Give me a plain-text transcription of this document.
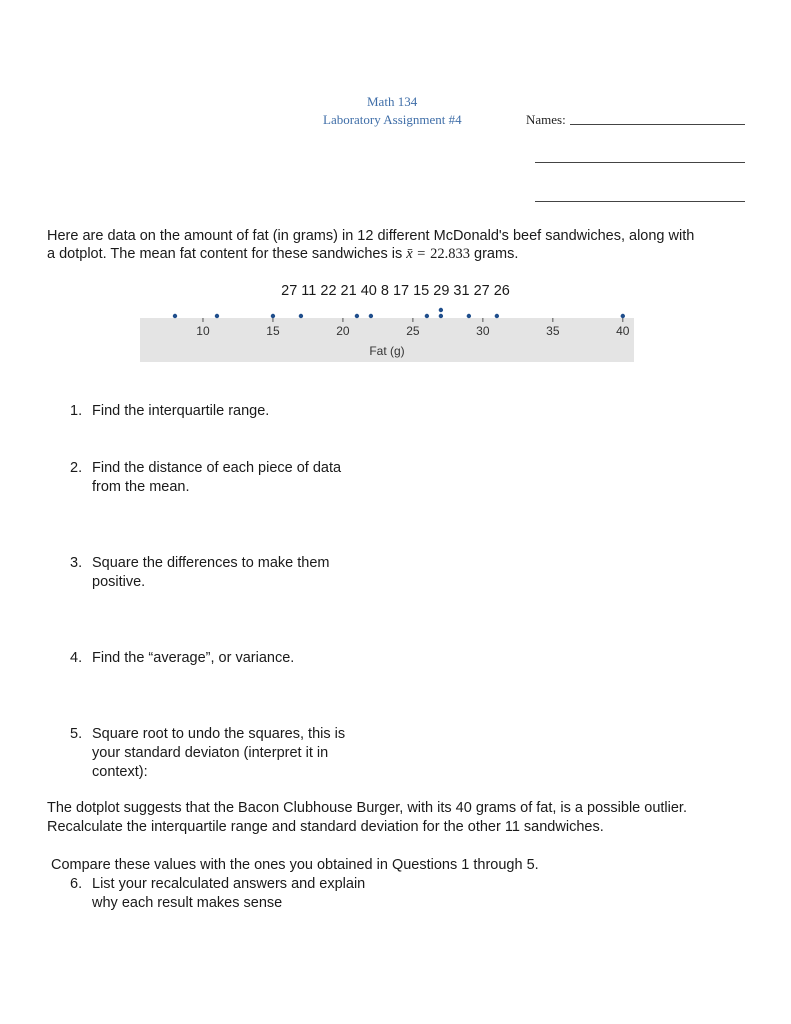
Math 134
Laboratory Assignment #4	Names:
Here are data on the amount of fat (in grams) in 12 different McDonald's beef sandwiches, along with
a dotplot. The mean fat content for these sandwiches is x̄ = 22.833 grams.
27 11 22 21 40 8 17 15 29 31 27 26
10	15	20	25	30	35	40
Fat (g)
1. Find the interquartile range.
2. Find the distance of each piece of data
from the mean.
3. Square the differences to make them
positive.
4. Find the “average”, or variance.
5. Square root to undo the squares, this is
your standard deviaton (interpret it in
context):
The dotplot suggests that the Bacon Clubhouse Burger, with its 40 grams of fat, is a possible outlier.
Recalculate the interquartile range and standard deviation for the other 11 sandwiches.
Compare these values with the ones you obtained in Questions 1 through 5.
6. List your recalculated answers and explain
why each result makes sense
